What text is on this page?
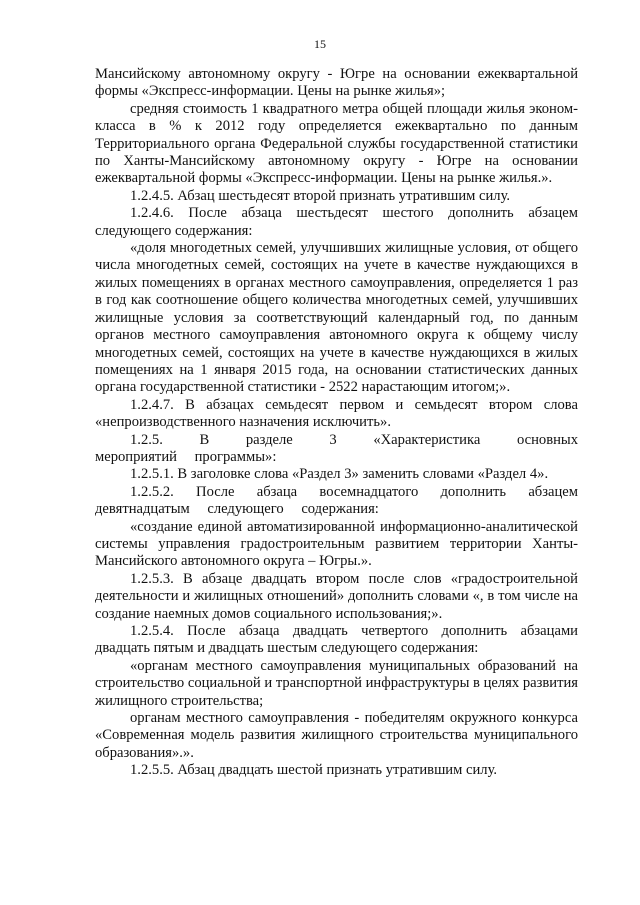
15

Мансийскому автономному округу - Югре на основании ежеквартальной формы «Экспресс-информации. Цены на рынке жилья»;

средняя стоимость 1 квадратного метра общей площади жилья эконом-класса в % к 2012 году определяется ежеквартально по данным Территориального органа Федеральной службы государственной статистики по Ханты-Мансийскому автономному округу - Югре на основании ежеквартальной формы «Экспресс-информации. Цены на рынке жилья.».

1.2.4.5. Абзац шестьдесят второй признать утратившим силу.

1.2.4.6. После абзаца шестьдесят шестого дополнить абзацем следующего содержания:

«доля многодетных семей, улучшивших жилищные условия, от общего числа многодетных семей, состоящих на учете в качестве нуждающихся в жилых помещениях в органах местного самоуправления, определяется 1 раз в год как соотношение общего количества многодетных семей, улучшивших жилищные условия за соответствующий календарный год, по данным органов местного самоуправления автономного округа к общему числу многодетных семей, состоящих на учете в качестве нуждающихся в жилых помещениях на 1 января 2015 года, на основании статистических данных органа государственной статистики - 2522 нарастающим итогом;».

1.2.4.7. В абзацах семьдесят первом и семьдесят втором слова «непроизводственного назначения исключить».

1.2.5. В разделе 3 «Характеристика основных мероприятий программы»:

1.2.5.1. В заголовке слова «Раздел 3» заменить словами «Раздел 4».

1.2.5.2. После абзаца восемнадцатого дополнить абзацем девятнадцатым следующего содержания:

«создание единой автоматизированной информационно-аналитической системы управления градостроительным развитием территории Ханты-Мансийского автономного округа – Югры.».

1.2.5.3. В абзаце двадцать втором после слов «градостроительной деятельности и жилищных отношений» дополнить словами «, в том числе на создание наемных домов социального использования;».

1.2.5.4. После абзаца двадцать четвертого дополнить абзацами двадцать пятым и двадцать шестым следующего содержания:

«органам местного самоуправления муниципальных образований на строительство социальной и транспортной инфраструктуры в целях развития жилищного строительства;

органам местного самоуправления - победителям окружного конкурса «Современная модель развития жилищного строительства муниципального образования».».

1.2.5.5. Абзац двадцать шестой признать утратившим силу.
